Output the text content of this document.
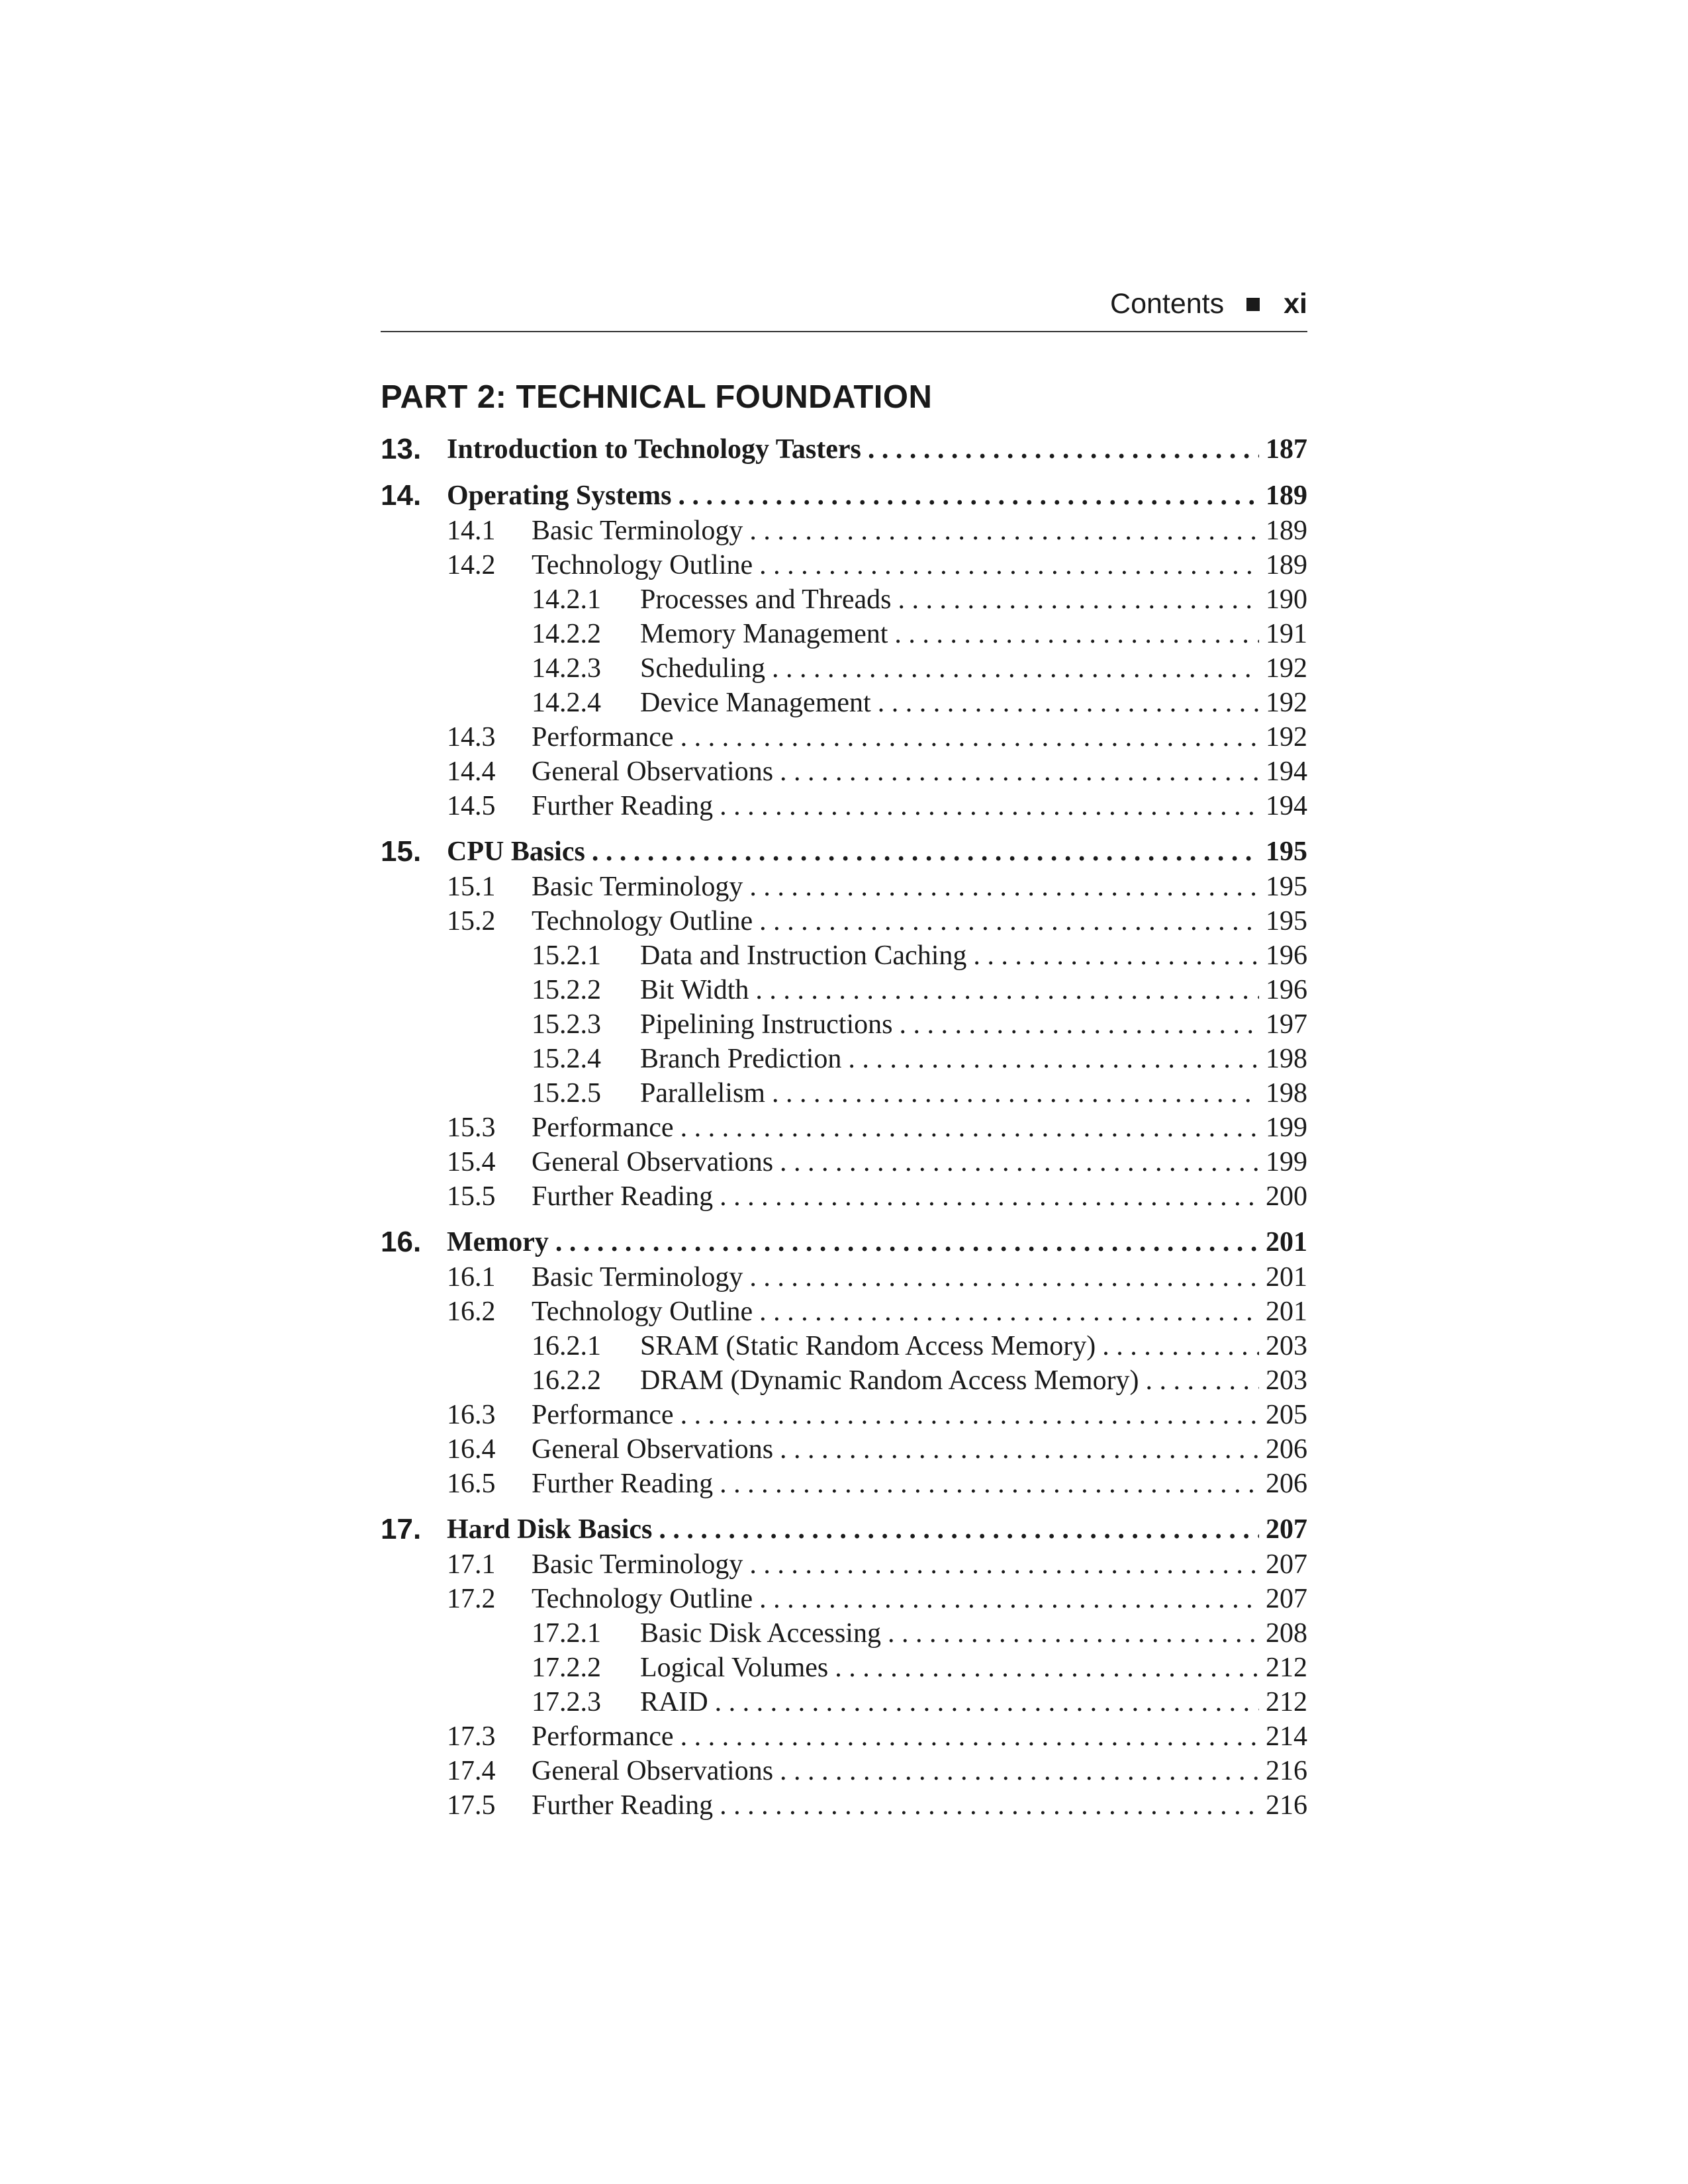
Contents xi
PART 2: TECHNICAL FOUNDATION
13. Introduction to Technology Tasters . . .	187
14. Operating Systems . . .	189
14.1 Basic Terminology . . .	189
14.2 Technology Outline . . .	189
14.2.1 Processes and Threads . . .	190
14.2.2 Memory Management . . .	191
14.2.3 Scheduling . . .	192
14.2.4 Device Management . . .	192
14.3 Performance . . .	192
14.4 General Observations . . .	194
14.5 Further Reading . . .	194
15. CPU Basics . . .	195
15.1 Basic Terminology . . .	195
15.2 Technology Outline . . .	195
15.2.1 Data and Instruction Caching . . .	196
15.2.2 Bit Width . . .	196
15.2.3 Pipelining Instructions . . .	197
15.2.4 Branch Prediction . . .	198
15.2.5 Parallelism . . .	198
15.3 Performance . . .	199
15.4 General Observations . . .	199
15.5 Further Reading . . .	200
16. Memory . . .	201
16.1 Basic Terminology . . .	201
16.2 Technology Outline . . .	201
16.2.1 SRAM (Static Random Access Memory) . . .	203
16.2.2 DRAM (Dynamic Random Access Memory) . . .	203
16.3 Performance . . .	205
16.4 General Observations . . .	206
16.5 Further Reading . . .	206
17. Hard Disk Basics . . .	207
17.1 Basic Terminology . . .	207
17.2 Technology Outline . . .	207
17.2.1 Basic Disk Accessing . . .	208
17.2.2 Logical Volumes . . .	212
17.2.3 RAID . . .	212
17.3 Performance . . .	214
17.4 General Observations . . .	216
17.5 Further Reading . . .	216
